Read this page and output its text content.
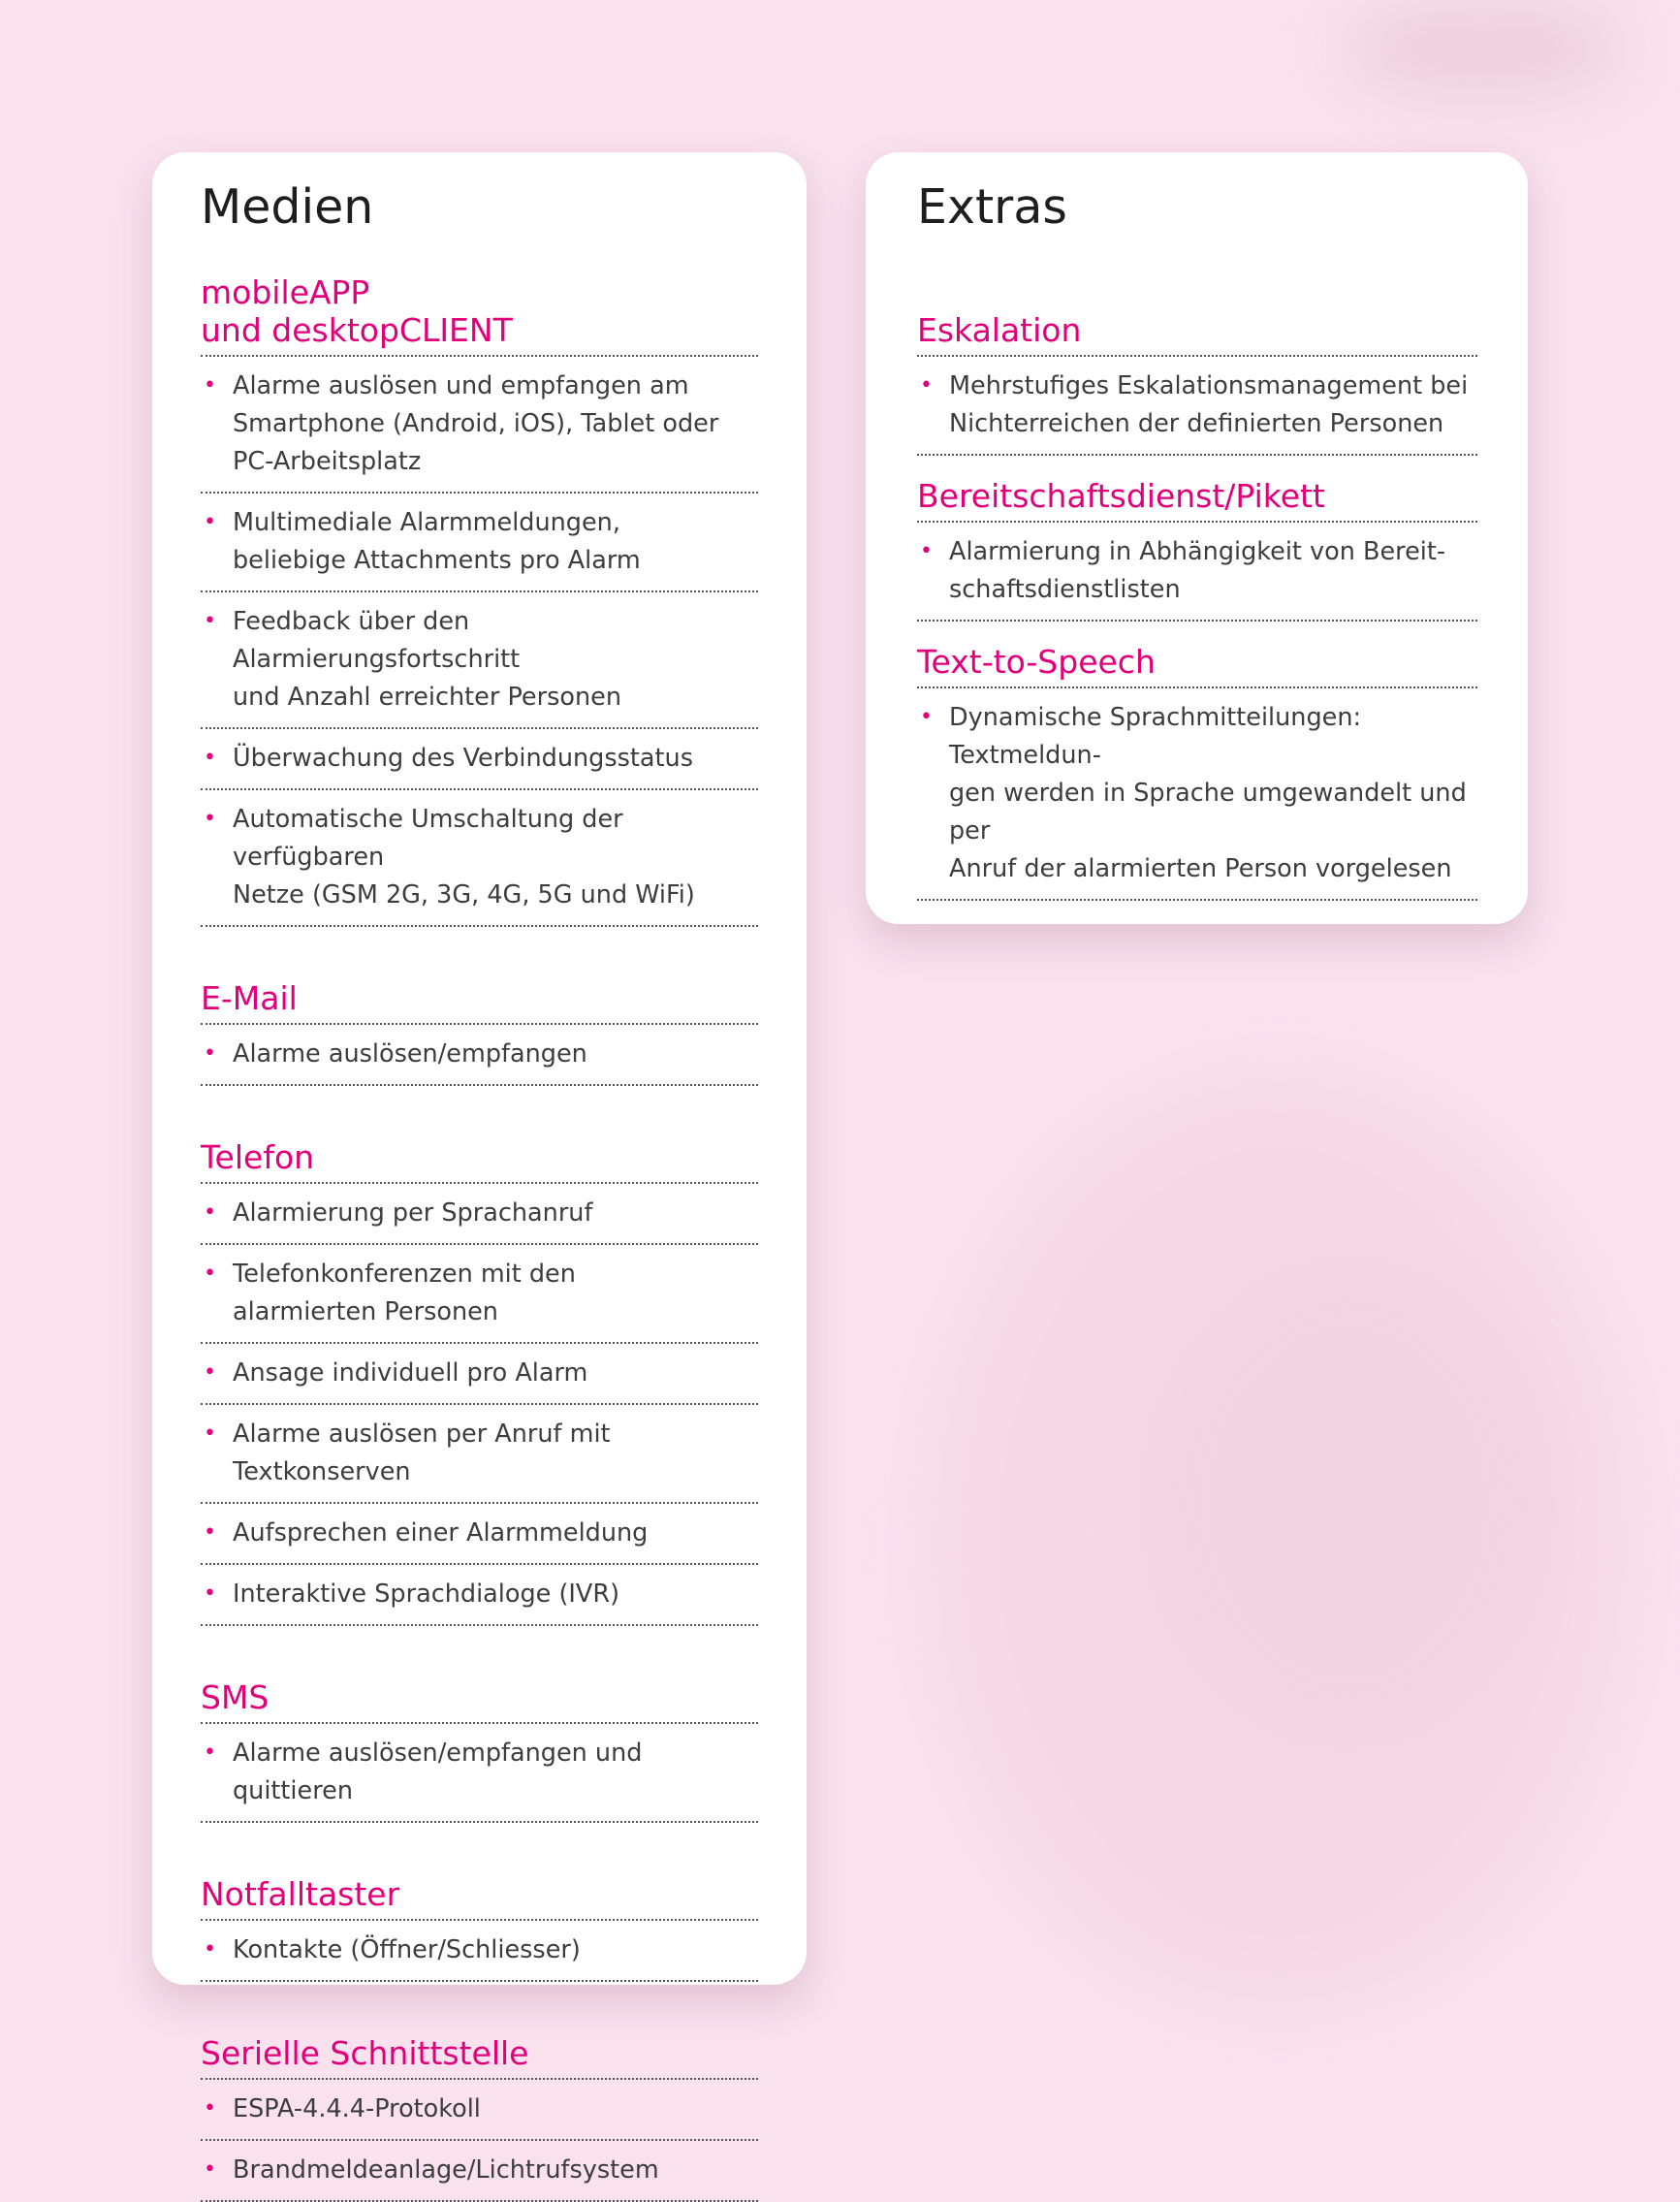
Medien
mobileAPP
und desktopCLIENT
• Alarme auslösen und empfangen am
Smartphone (Android, iOS), Tablet oder
PC-Arbeitsplatz
• Multimediale Alarmmeldungen,
beliebige Attachments pro Alarm
• Feedback über den Alarmierungsfortschritt
und Anzahl erreichter Personen
• Überwachung des Verbindungsstatus
• Automatische Umschaltung der verfügbaren
Netze (GSM 2G, 3G, 4G, 5G und WiFi)
E-Mail
• Alarme auslösen/empfangen
Telefon
• Alarmierung per Sprachanruf
• Telefonkonferenzen mit den
alarmierten Personen
• Ansage individuell pro Alarm
• Alarme auslösen per Anruf mit Textkonserven
• Aufsprechen einer Alarmmeldung
• Interaktive Sprachdialoge (IVR)
SMS
• Alarme auslösen/empfangen und quittieren
Notfalltaster
• Kontakte (Öffner/Schliesser)
Serielle Schnittstelle
• ESPA-4.4.4-Protokoll
• Brandmeldeanlage/Lichtrufsystem
Extras
Eskalation
• Mehrstufiges Eskalationsmanagement bei
Nichterreichen der definierten Personen
Bereitschaftsdienst/Pikett
• Alarmierung in Abhängigkeit von Bereit-
schaftsdienstlisten
Text-to-Speech
• Dynamische Sprachmitteilungen: Textmeldun-
gen werden in Sprache umgewandelt und per
Anruf der alarmierten Person vorgelesen
